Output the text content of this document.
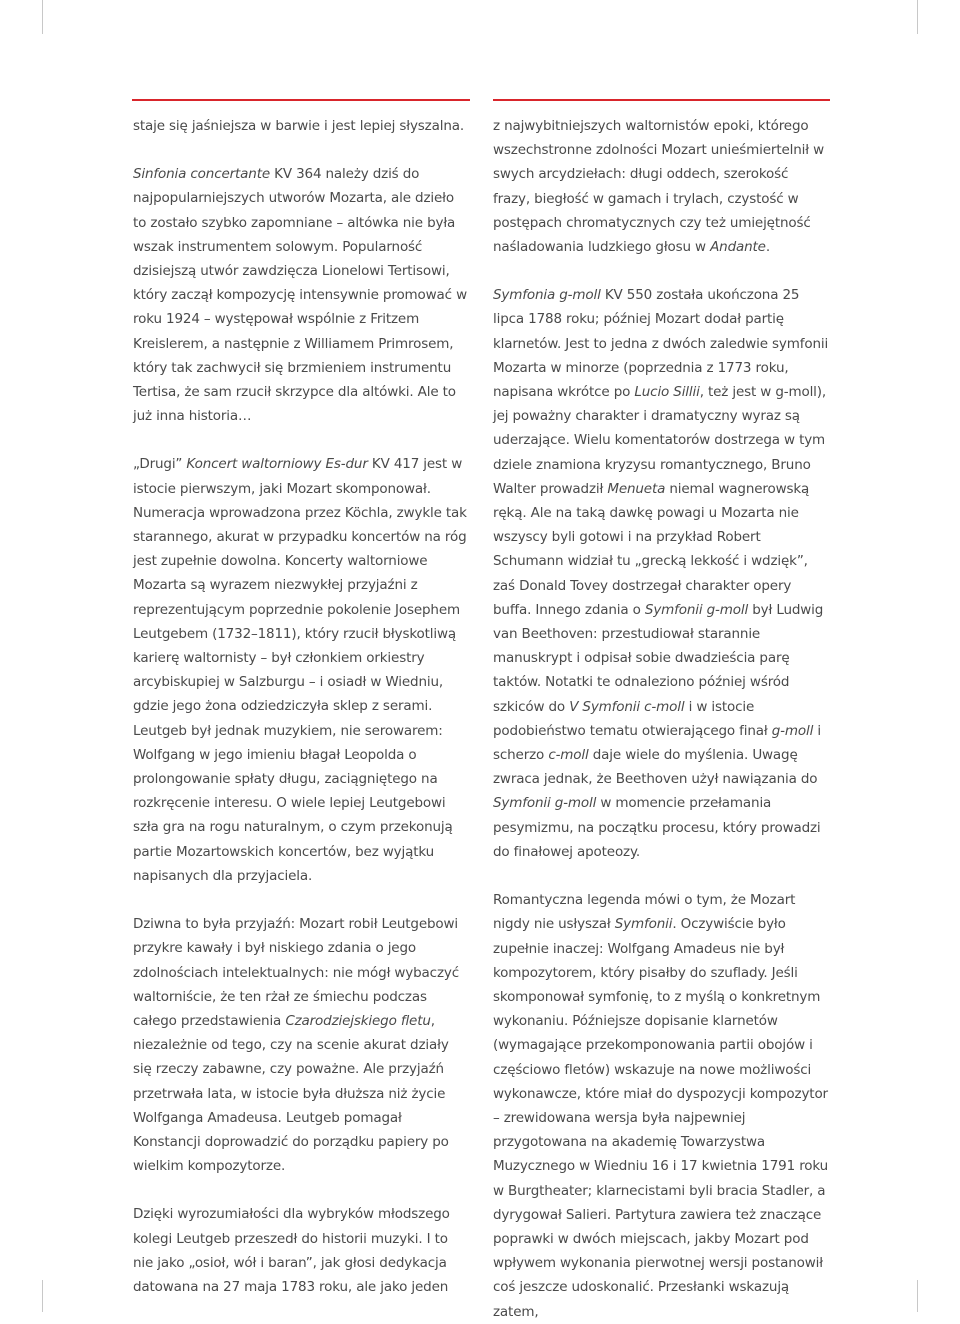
staje się jaśniejsza w barwie i jest lepiej słyszalna.

Sinfonia concertante KV 364 należy dziś do najpopularniejszych utworów Mozarta, ale dzieło to zostało szybko zapomniane – altówka nie była wszak instrumentem solowym. Popularność dzisiejszą utwór zawdzięcza Lionelowi Tertisowi, który zaczął kompozycję intensywnie promować w roku 1924 – występował wspólnie z Fritzem Kreislerem, a następnie z Williamem Primrosem, który tak zachwycił się brzmieniem instrumentu Tertisa, że sam rzucił skrzypce dla altówki. Ale to już inna historia…

„Drugi” Koncert waltorniowy Es-dur KV 417 jest w istocie pierwszym, jaki Mozart skomponował. Numeracja wprowadzona przez Köchla, zwykle tak starannego, akurat w przypadku koncertów na róg jest zupełnie dowolna. Koncerty waltorniowe Mozarta są wyrazem niezwykłej przyjaźni z reprezentującym poprzednie pokolenie Josephem Leutgebem (1732–1811), który rzucił błyskotliwą karierę waltornisty – był członkiem orkiestry arcybiskupiej w Salzburgu – i osiadł w Wiedniu, gdzie jego żona odziedziczyła sklep z serami. Leutgeb był jednak muzykiem, nie serowarem: Wolfgang w jego imieniu błagał Leopolda o prolongowanie spłaty długu, zaciągniętego na rozkręcenie interesu. O wiele lepiej Leutgebowi szła gra na rogu naturalnym, o czym przekonują partie Mozartowskich koncertów, bez wyjątku napisanych dla przyjaciela.

Dziwna to była przyjaźń: Mozart robił Leutgebowi przykre kawały i był niskiego zdania o jego zdolnościach intelektualnych: nie mógł wybaczyć waltorniście, że ten rżał ze śmiechu podczas całego przedstawienia Czarodziejskiego fletu, niezależnie od tego, czy na scenie akurat działy się rzeczy zabawne, czy poważne. Ale przyjaźń przetrwała lata, w istocie była dłuższa niż życie Wolfganga Amadeusa. Leutgeb pomagał Konstancji doprowadzić do porządku papiery po wielkim kompozytorze.

Dzięki wyrozumiałości dla wybryków młodszego kolegi Leutgeb przeszedł do historii muzyki. I to nie jako „osioł, wół i baran”, jak głosi dedykacja datowana na 27 maja 1783 roku, ale jako jeden

z najwybitniejszych waltornistów epoki, którego wszechstronne zdolności Mozart unieśmiertelnił w swych arcydziełach: długi oddech, szerokość frazy, biegłość w gamach i trylach, czystość w postępach chromatycznych czy też umiejętność naśladowania ludzkiego głosu w Andante.

Symfonia g-moll KV 550 została ukończona 25 lipca 1788 roku; później Mozart dodał partię klarnetów. Jest to jedna z dwóch zaledwie symfonii Mozarta w minorze (poprzednia z 1773 roku, napisana wkrótce po Lucio Sillii, też jest w g-moll), jej poważny charakter i dramatyczny wyraz są uderzające. Wielu komentatorów dostrzega w tym dziele znamiona kryzysu romantycznego, Bruno Walter prowadził Menueta niemal wagnerowską ręką. Ale na taką dawkę powagi u Mozarta nie wszyscy byli gotowi i na przykład Robert Schumann widział tu „grecką lekkość i wdzięk”, zaś Donald Tovey dostrzegał charakter opery buffa. Innego zdania o Symfonii g-moll był Ludwig van Beethoven: przestudiował starannie manuskrypt i odpisał sobie dwadzieścia parę taktów. Notatki te odnaleziono później wśród szkiców do V Symfonii c-moll i w istocie podobieństwo tematu otwierającego finał g-moll i scherzo c-moll daje wiele do myślenia. Uwagę zwraca jednak, że Beethoven użył nawiązania do Symfonii g-moll w momencie przełamania pesymizmu, na początku procesu, który prowadzi do finałowej apoteozy.

Romantyczna legenda mówi o tym, że Mozart nigdy nie usłyszał Symfonii. Oczywiście było zupełnie inaczej: Wolfgang Amadeus nie był kompozytorem, który pisałby do szuflady. Jeśli skomponował symfonię, to z myślą o konkretnym wykonaniu. Późniejsze dopisanie klarnetów (wymagające przekomponowania partii obojów i częściowo fletów) wskazuje na nowe możliwości wykonawcze, które miał do dyspozycji kompozytor – zrewidowana wersja była najpewniej przygotowana na akademię Towarzystwa Muzycznego w Wiedniu 16 i 17 kwietnia 1791 roku w Burgtheater; klarnecistami byli bracia Stadler, a dyrygował Salieri. Partytura zawiera też znaczące poprawki w dwóch miejscach, jakby Mozart pod wpływem wykonania pierwotnej wersji postanowił coś jeszcze udoskonalić. Przesłanki wskazują zatem,
